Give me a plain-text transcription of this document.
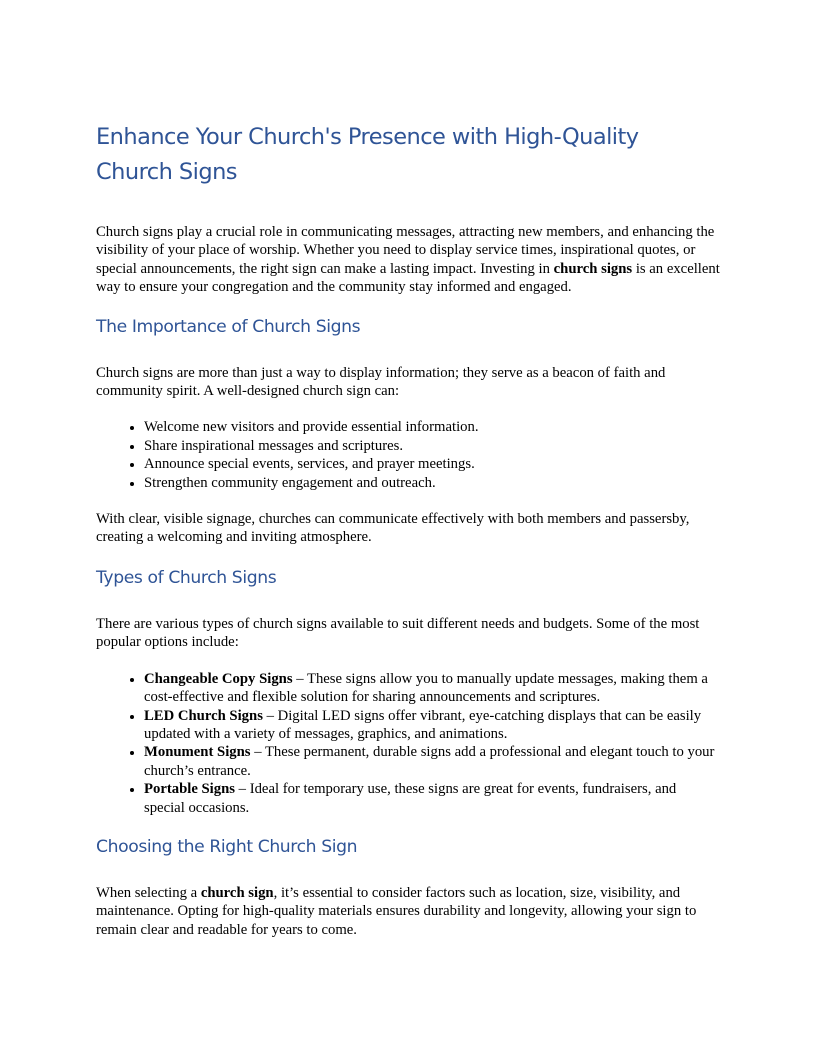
Enhance Your Church's Presence with High-Quality Church Signs

Church signs play a crucial role in communicating messages, attracting new members, and enhancing the visibility of your place of worship. Whether you need to display service times, inspirational quotes, or special announcements, the right sign can make a lasting impact. Investing in church signs is an excellent way to ensure your congregation and the community stay informed and engaged.

The Importance of Church Signs

Church signs are more than just a way to display information; they serve as a beacon of faith and community spirit. A well-designed church sign can:

• Welcome new visitors and provide essential information.
• Share inspirational messages and scriptures.
• Announce special events, services, and prayer meetings.
• Strengthen community engagement and outreach.

With clear, visible signage, churches can communicate effectively with both members and passersby, creating a welcoming and inviting atmosphere.

Types of Church Signs

There are various types of church signs available to suit different needs and budgets. Some of the most popular options include:

• Changeable Copy Signs – These signs allow you to manually update messages, making them a cost-effective and flexible solution for sharing announcements and scriptures.
• LED Church Signs – Digital LED signs offer vibrant, eye-catching displays that can be easily updated with a variety of messages, graphics, and animations.
• Monument Signs – These permanent, durable signs add a professional and elegant touch to your church’s entrance.
• Portable Signs – Ideal for temporary use, these signs are great for events, fundraisers, and special occasions.
Choosing the Right Church Sign

When selecting a church sign, it’s essential to consider factors such as location, size, visibility, and maintenance. Opting for high-quality materials ensures durability and longevity, allowing your sign to remain clear and readable for years to come.
